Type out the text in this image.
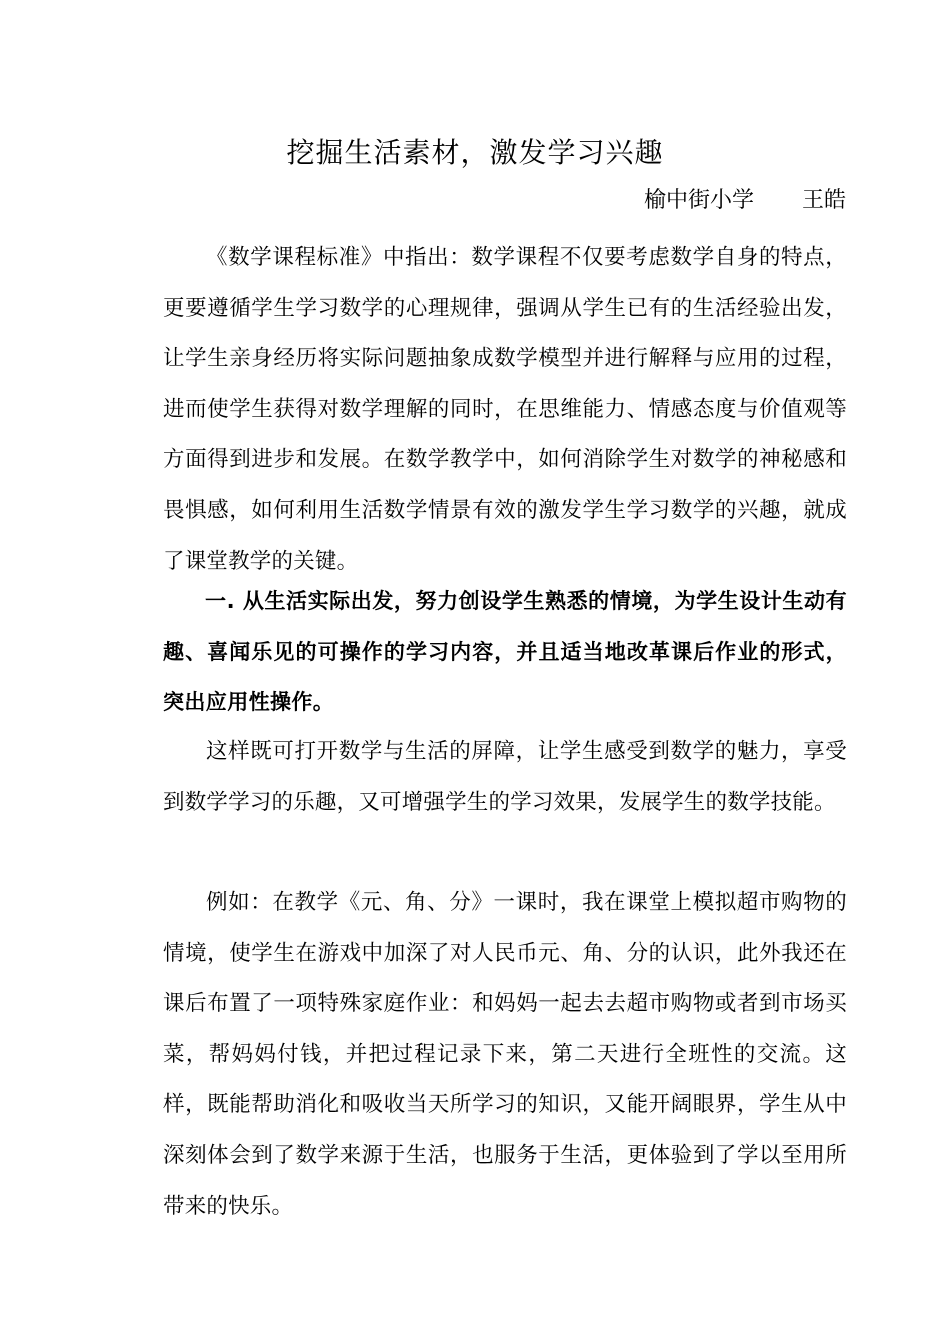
挖掘生活素材，激发学习兴趣
榆中街小学 王皓

《数学课程标准》中指出：数学课程不仅要考虑数学自身的特点，更要遵循学生学习数学的心理规律，强调从学生已有的生活经验出发，让学生亲身经历将实际问题抽象成数学模型并进行解释与应用的过程，进而使学生获得对数学理解的同时，在思维能力、情感态度与价值观等方面得到进步和发展。在数学教学中，如何消除学生对数学的神秘感和畏惧感，如何利用生活数学情景有效的激发学生学习数学的兴趣，就成了课堂教学的关键。

一. 从生活实际出发，努力创设学生熟悉的情境，为学生设计生动有趣、喜闻乐见的可操作的学习内容，并且适当地改革课后作业的形式，突出应用性操作。

这样既可打开数学与生活的屏障，让学生感受到数学的魅力，享受到数学学习的乐趣，又可增强学生的学习效果，发展学生的数学技能。

例如：在教学《元、角、分》一课时，我在课堂上模拟超市购物的情境，使学生在游戏中加深了对人民币元、角、分的认识，此外我还在课后布置了一项特殊家庭作业：和妈妈一起去去超市购物或者到市场买菜，帮妈妈付钱，并把过程记录下来，第二天进行全班性的交流。这样，既能帮助消化和吸收当天所学习的知识，又能开阔眼界，学生从中深刻体会到了数学来源于生活，也服务于生活，更体验到了学以至用所带来的快乐。
